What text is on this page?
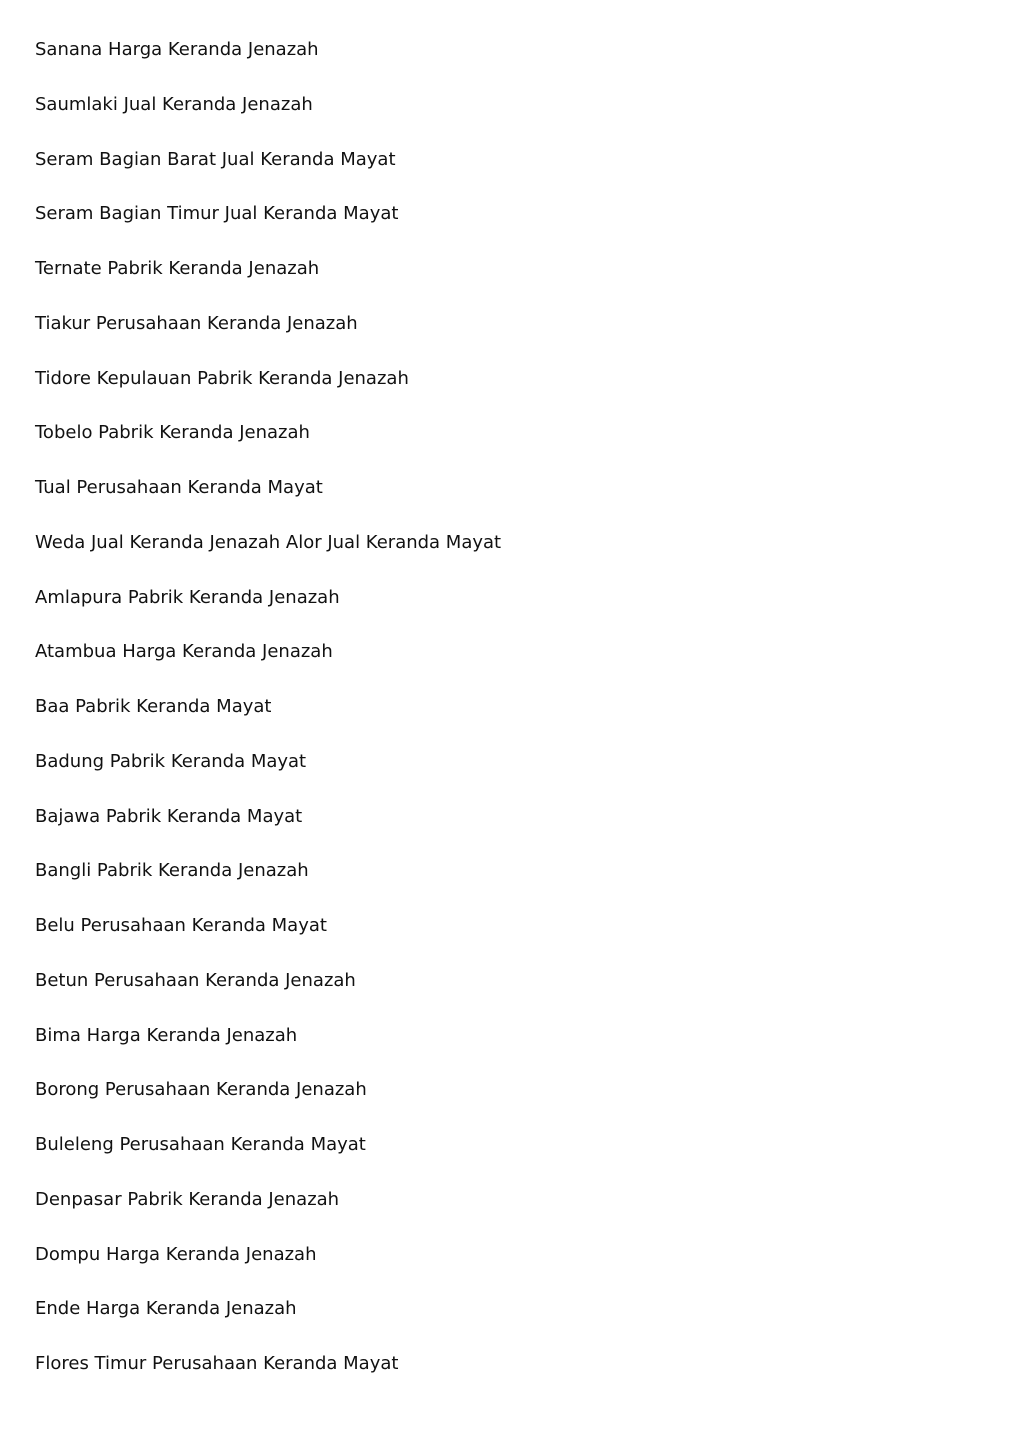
Sanana Harga Keranda Jenazah
Saumlaki Jual Keranda Jenazah
Seram Bagian Barat Jual Keranda Mayat
Seram Bagian Timur Jual Keranda Mayat
Ternate Pabrik Keranda Jenazah
Tiakur Perusahaan Keranda Jenazah
Tidore Kepulauan Pabrik Keranda Jenazah
Tobelo Pabrik Keranda Jenazah
Tual Perusahaan Keranda Mayat
Weda Jual Keranda Jenazah Alor Jual Keranda Mayat
Amlapura Pabrik Keranda Jenazah
Atambua Harga Keranda Jenazah
Baa Pabrik Keranda Mayat
Badung Pabrik Keranda Mayat
Bajawa Pabrik Keranda Mayat
Bangli Pabrik Keranda Jenazah
Belu Perusahaan Keranda Mayat
Betun Perusahaan Keranda Jenazah
Bima Harga Keranda Jenazah
Borong Perusahaan Keranda Jenazah
Buleleng Perusahaan Keranda Mayat
Denpasar Pabrik Keranda Jenazah
Dompu Harga Keranda Jenazah
Ende Harga Keranda Jenazah
Flores Timur Perusahaan Keranda Mayat
